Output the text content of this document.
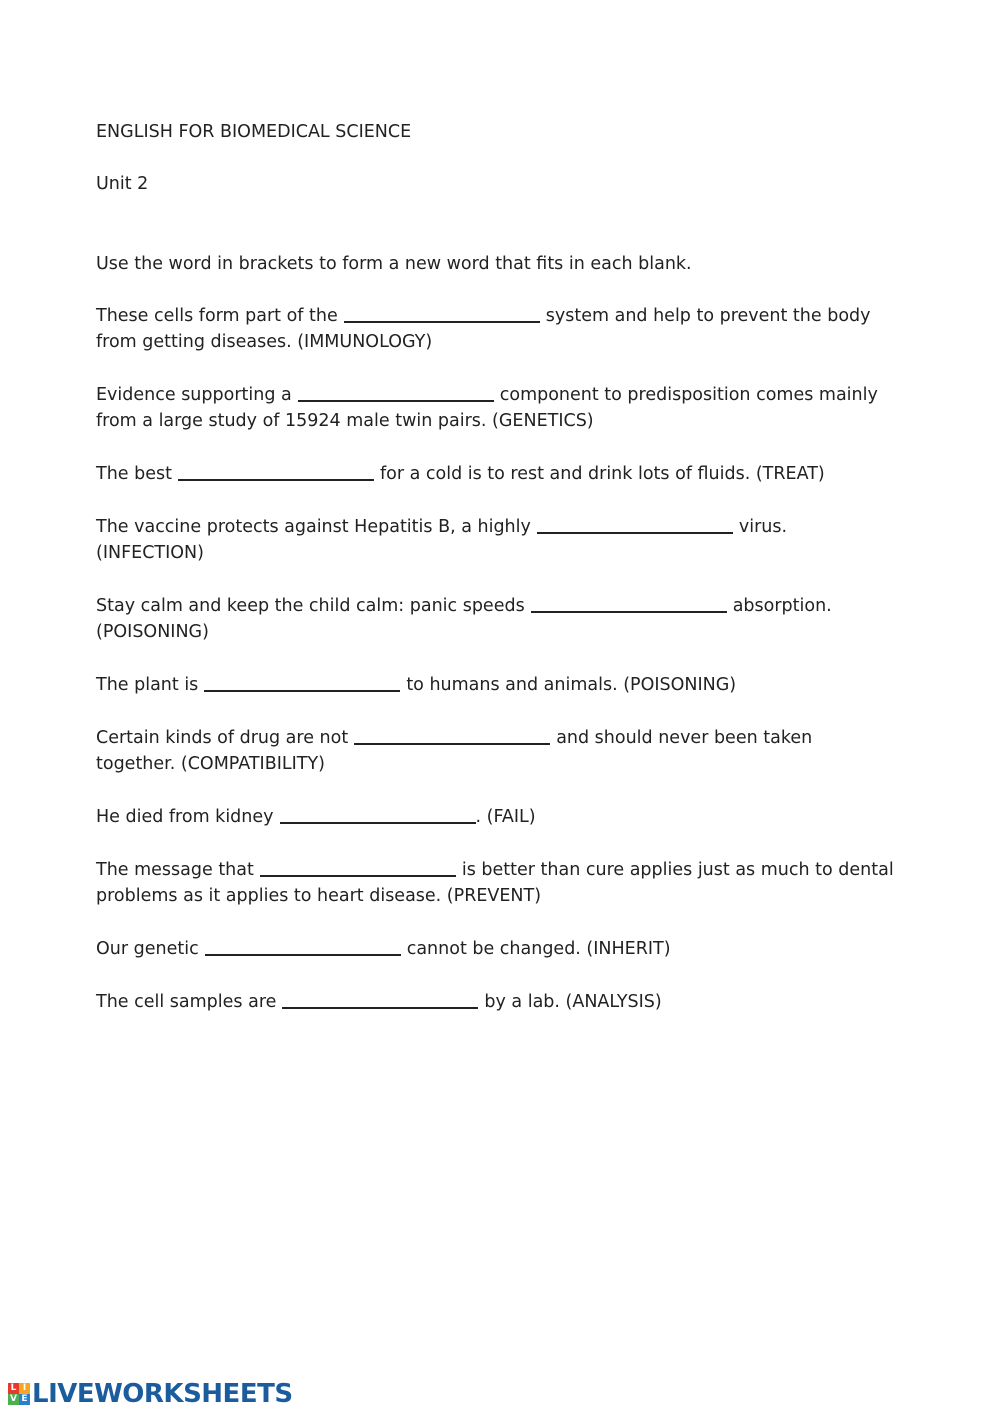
ENGLISH FOR BIOMEDICAL SCIENCE

Unit 2

Use the word in brackets to form a new word that fits in each blank.

These cells form part of the	system and help to prevent the body from getting diseases. (IMMUNOLOGY)
Evidence supporting a	component to predisposition comes mainly from a large study of 15924 male twin pairs. (GENETICS)
The best	for a cold is to rest and drink lots of fluids. (TREAT)
The vaccine protects against Hepatitis B, a highly	virus. (INFECTION)
Stay calm and keep the child calm: panic speeds	absorption. (POISONING)
The plant is	to humans and animals. (POISONING)
Certain kinds of drug are not	and should never been taken together. (COMPATIBILITY)
He died from kidney	. (FAIL)
The message that	is better than cure applies just as much to dental problems as it applies to heart disease. (PREVENT)
Our genetic	cannot be changed. (INHERIT)
The cell samples are	by a lab. (ANALYSIS)
L I
V E LIVEWORKSHEETS
